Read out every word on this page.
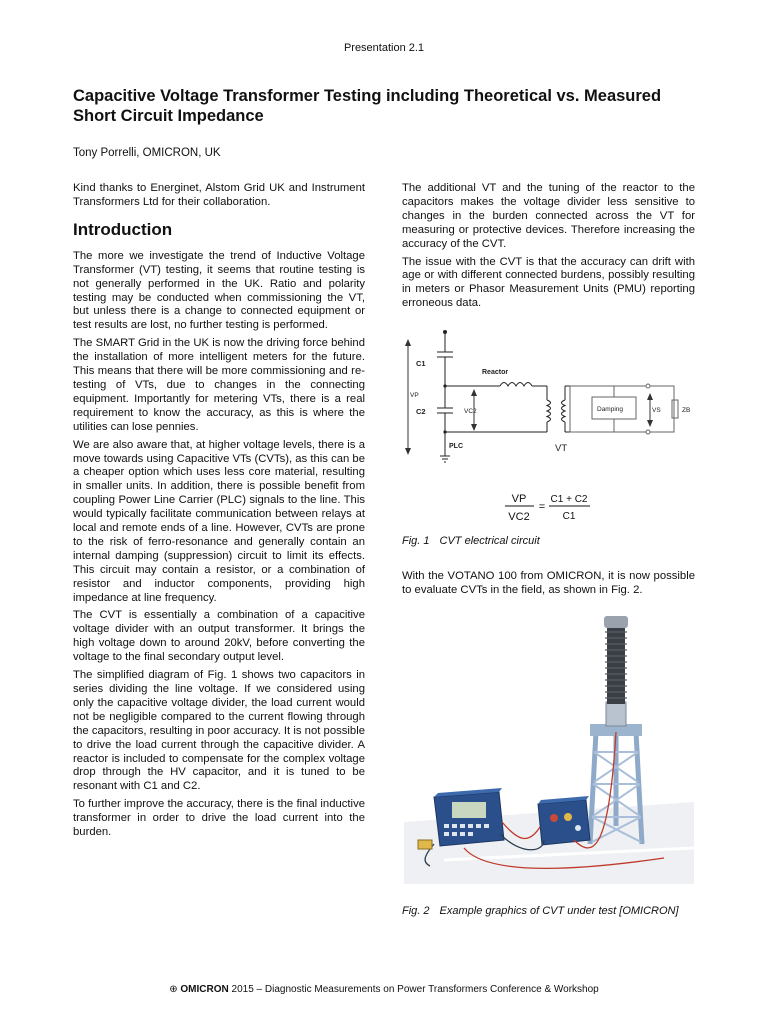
Presentation 2.1
Capacitive Voltage Transformer Testing including Theoretical vs. Measured Short Circuit Impedance
Tony Porrelli, OMICRON, UK

Kind thanks to Energinet, Alstom Grid UK and Instrument Transformers Ltd for their collaboration.

Introduction

The more we investigate the trend of Inductive Voltage Transformer (VT) testing, it seems that routine testing is not generally performed in the UK. Ratio and polarity testing may be conducted when commissioning the VT, but unless there is a change to connected equipment or test results are lost, no further testing is performed.

The SMART Grid in the UK is now the driving force behind the installation of more intelligent meters for the future. This means that there will be more commissioning and re-testing of VTs, due to changes in the connecting equipment. Importantly for metering VTs, there is a real requirement to know the accuracy, as this is where the utilities can lose pennies.

We are also aware that, at higher voltage levels, there is a move towards using Capacitive VTs (CVTs), as this can be a cheaper option which uses less core material, resulting in smaller units. In addition, there is possible benefit from coupling Power Line Carrier (PLC) signals to the line. This would typically facilitate communication between relays at local and remote ends of a line. However, CVTs are prone to the risk of ferro-resonance and generally contain an internal damping (suppression) circuit to limit its effects. This circuit may contain a resistor, or a combination of resistor and inductor components, providing high impedance at line frequency.

The CVT is essentially a combination of a capacitive voltage divider with an output transformer. It brings the high voltage down to around 20kV, before converting the voltage to the final secondary output level.

The simplified diagram of Fig. 1 shows two capacitors in series dividing the line voltage. If we considered using only the capacitive voltage divider, the load current would not be negligible compared to the current flowing through the capacitors, resulting in poor accuracy. It is not possible to drive the load current through the capacitive divider. A reactor is included to compensate for the complex voltage drop through the HV capacitor, and it is tuned to be resonant with C1 and C2.

To further improve the accuracy, there is the final inductive transformer in order to drive the load current into the burden.

The additional VT and the tuning of the reactor to the capacitors makes the voltage divider less sensitive to changes in the burden connected across the VT for measuring or protective devices. Therefore increasing the accuracy of the CVT.

The issue with the CVT is that the accuracy can drift with age or with different connected burdens, possibly resulting in meters or Phasor Measurement Units (PMU) reporting erroneous data.

C1
C2
Reactor
VP
VC2	Damping	VS	ZB
PLC	VT
VP
VC2
=
C1 + C2
C1
Fig. 1 CVT electrical circuit

With the VOTANO 100 from OMICRON, it is now possible to evaluate CVTs in the field, as shown in Fig. 2.

Fig. 2 Example graphics of CVT under test [OMICRON]
⊕ OMICRON 2015 – Diagnostic Measurements on Power Transformers Conference & Workshop
